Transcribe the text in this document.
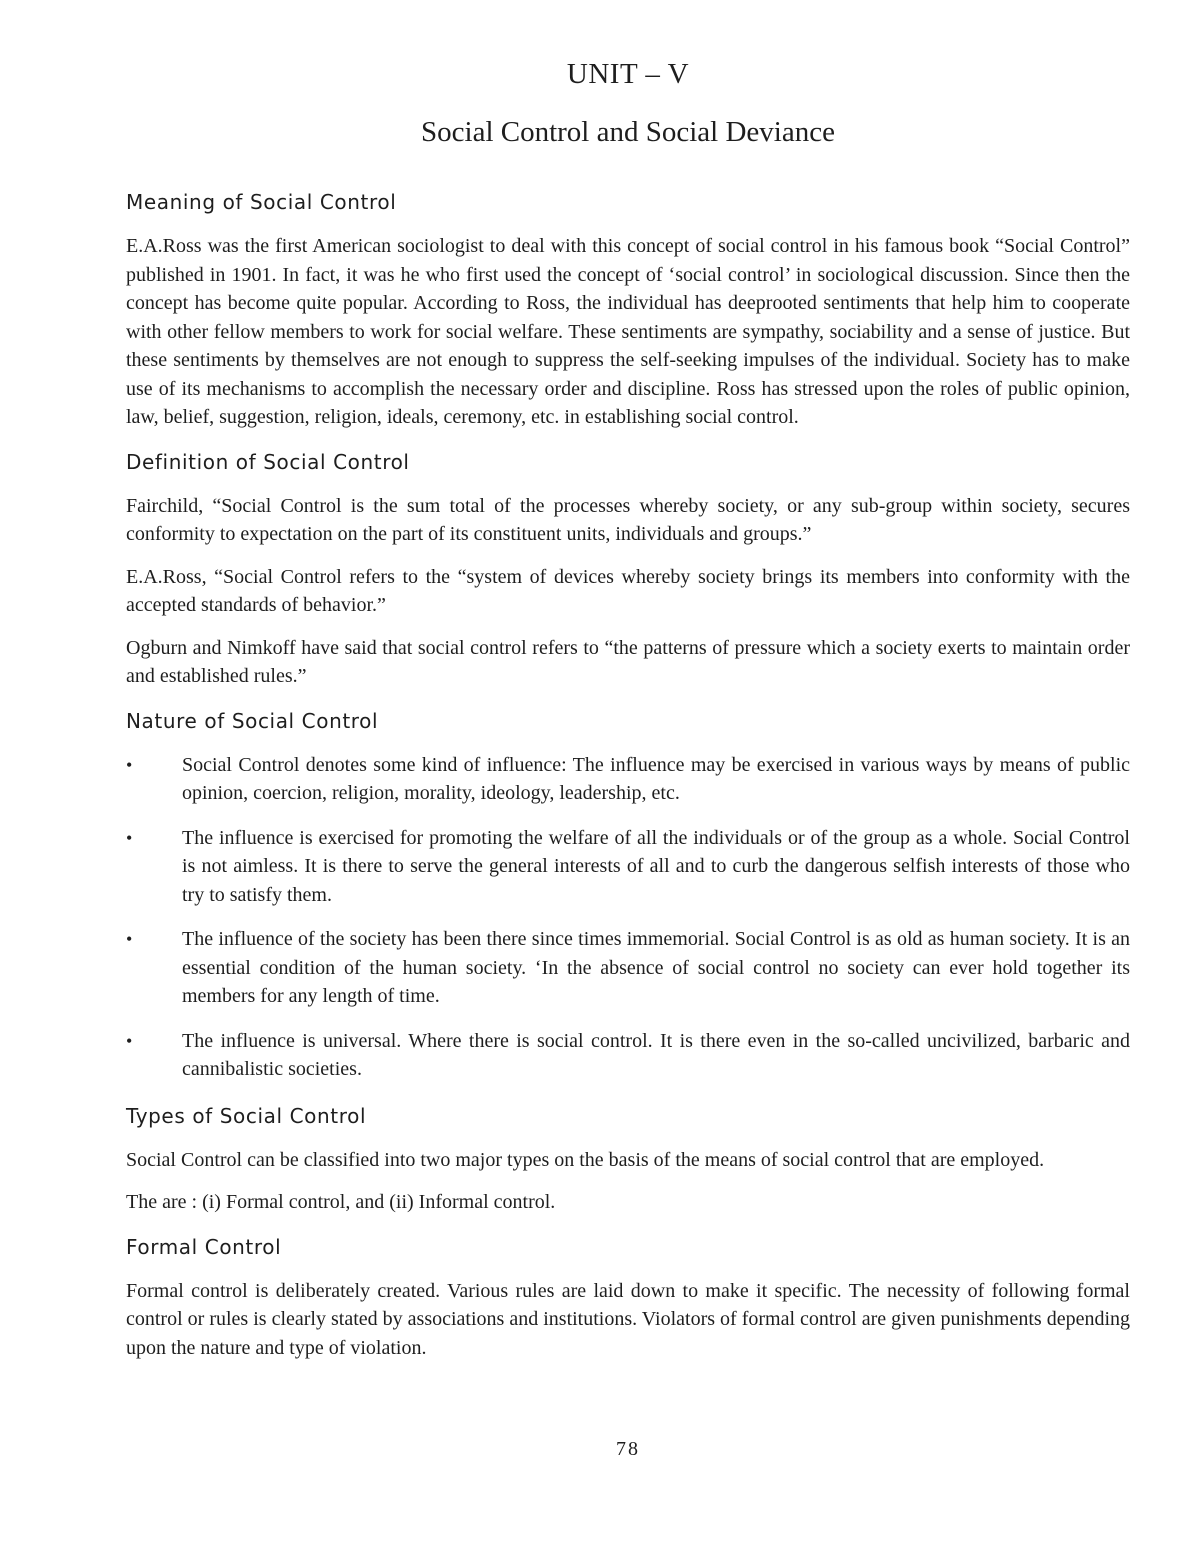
UNIT – V
Social Control and Social Deviance
Meaning of Social Control

E.A.Ross was the first American sociologist to deal with this concept of social control in his famous book “Social Control” published in 1901. In fact, it was he who first used the concept of ‘social control’ in sociological discussion. Since then the concept has become quite popular. According to Ross, the individual has deeprooted sentiments that help him to cooperate with other fellow members to work for social welfare. These sentiments are sympathy, sociability and a sense of justice. But these sentiments by themselves are not enough to suppress the self-seeking impulses of the individual. Society has to make use of its mechanisms to accomplish the necessary order and discipline. Ross has stressed upon the roles of public opinion, law, belief, suggestion, religion, ideals, ceremony, etc. in establishing social control.

Definition of Social Control

Fairchild, “Social Control is the sum total of the processes whereby society, or any sub-group within society, secures conformity to expectation on the part of its constituent units, individuals and groups.”

E.A.Ross, “Social Control refers to the “system of devices whereby society brings its members into conformity with the accepted standards of behavior.”

Ogburn and Nimkoff have said that social control refers to “the patterns of pressure which a society exerts to maintain order and established rules.”

Nature of Social Control
• Social Control denotes some kind of influence: The influence may be exercised in various ways by means of public opinion, coercion, religion, morality, ideology, leadership, etc.
• The influence is exercised for promoting the welfare of all the individuals or of the group as a whole. Social Control is not aimless. It is there to serve the general interests of all and to curb the dangerous selfish interests of those who try to satisfy them.
• The influence of the society has been there since times immemorial. Social Control is as old as human society. It is an essential condition of the human society. ‘In the absence of social control no society can ever hold together its members for any length of time.
• The influence is universal. Where there is social control. It is there even in the so-called uncivilized, barbaric and cannibalistic societies.
Types of Social Control

Social Control can be classified into two major types on the basis of the means of social control that are employed.

The are : (i) Formal control, and (ii) Informal control.

Formal Control

Formal control is deliberately created. Various rules are laid down to make it specific. The necessity of following formal control or rules is clearly stated by associations and institutions. Violators of formal control are given punishments depending upon the nature and type of violation.

78
